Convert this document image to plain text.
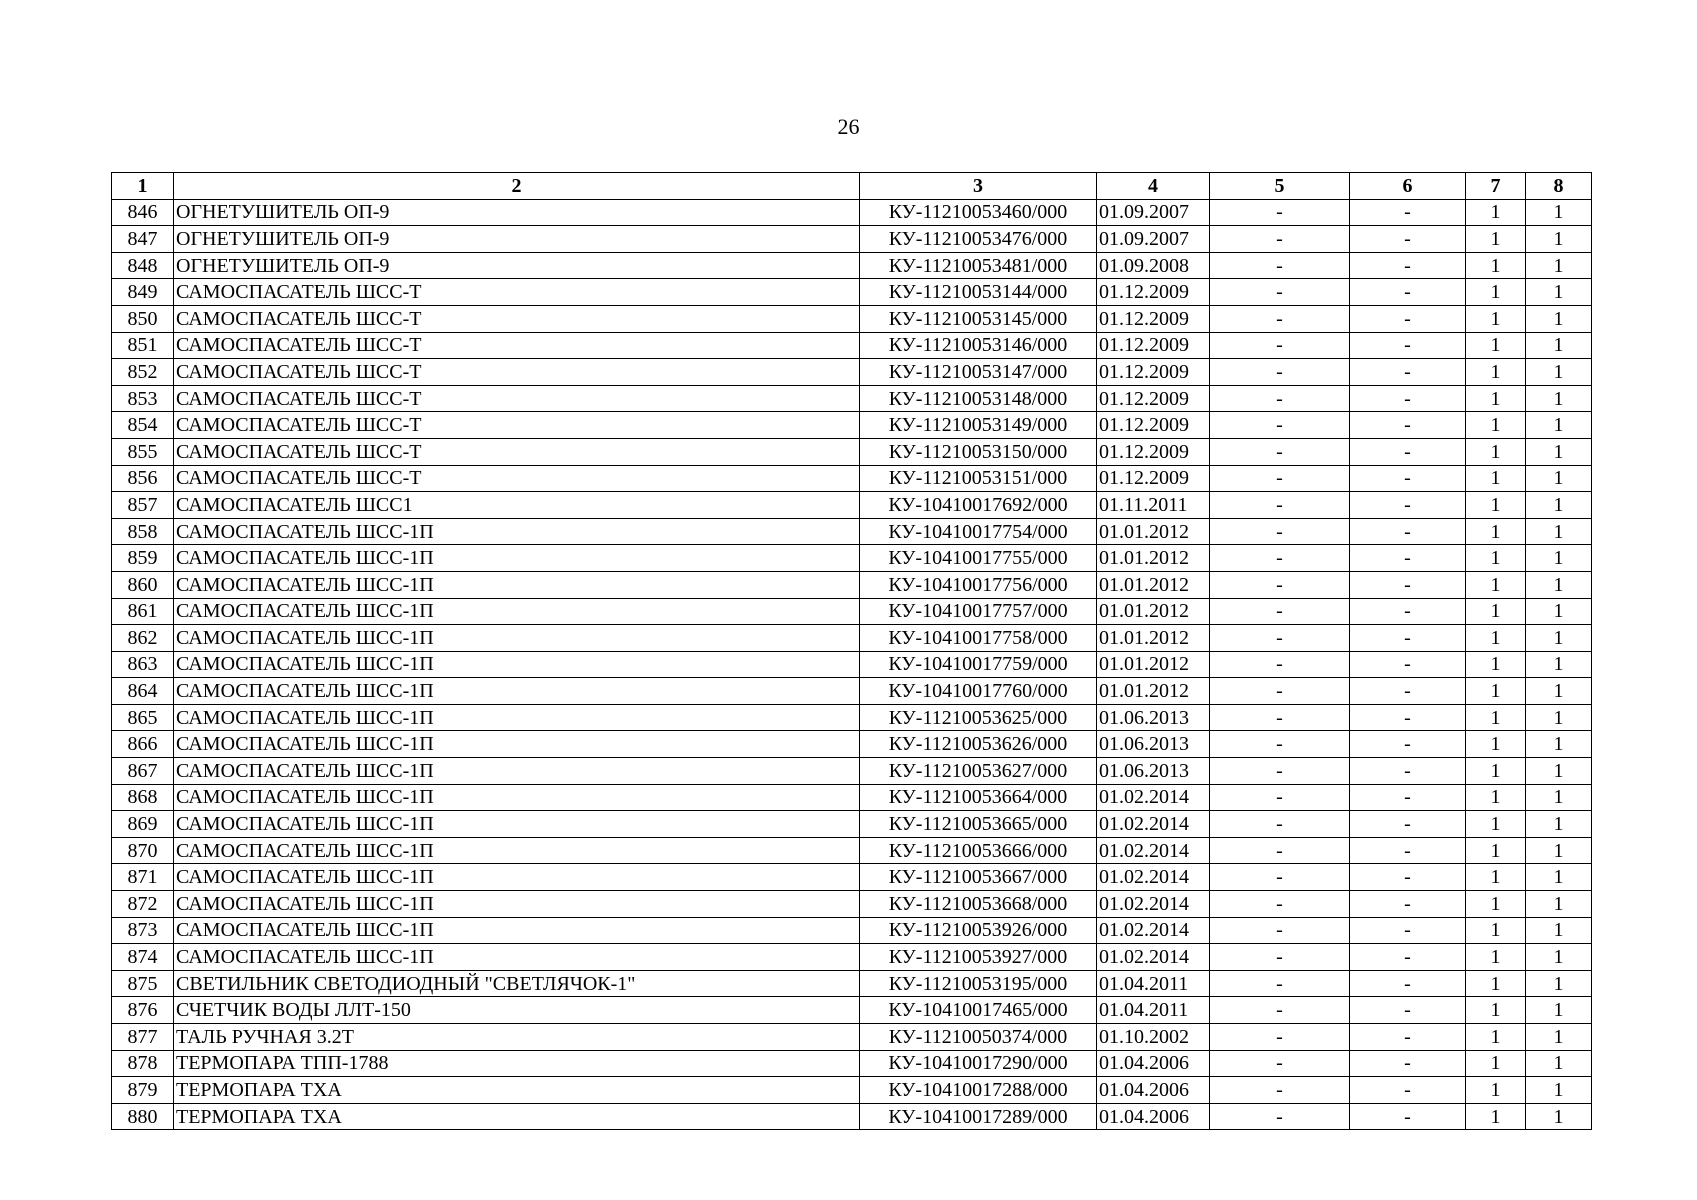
26
1	2	3	4	5	6	7	8
846	ОГНЕТУШИТЕЛЬ ОП-9	КУ-11210053460/000	01.09.2007	-	-	1	1
847	ОГНЕТУШИТЕЛЬ ОП-9	КУ-11210053476/000	01.09.2007	-	-	1	1
848	ОГНЕТУШИТЕЛЬ ОП-9	КУ-11210053481/000	01.09.2008	-	-	1	1
849	САМОСПАСАТЕЛЬ ШСС-Т	КУ-11210053144/000	01.12.2009	-	-	1	1
850	САМОСПАСАТЕЛЬ ШСС-Т	КУ-11210053145/000	01.12.2009	-	-	1	1
851	САМОСПАСАТЕЛЬ ШСС-Т	КУ-11210053146/000	01.12.2009	-	-	1	1
852	САМОСПАСАТЕЛЬ ШСС-Т	КУ-11210053147/000	01.12.2009	-	-	1	1
853	САМОСПАСАТЕЛЬ ШСС-Т	КУ-11210053148/000	01.12.2009	-	-	1	1
854	САМОСПАСАТЕЛЬ ШСС-Т	КУ-11210053149/000	01.12.2009	-	-	1	1
855	САМОСПАСАТЕЛЬ ШСС-Т	КУ-11210053150/000	01.12.2009	-	-	1	1
856	САМОСПАСАТЕЛЬ ШСС-Т	КУ-11210053151/000	01.12.2009	-	-	1	1
857	САМОСПАСАТЕЛЬ ШСС1	КУ-10410017692/000	01.11.2011	-	-	1	1
858	САМОСПАСАТЕЛЬ ШСС-1П	КУ-10410017754/000	01.01.2012	-	-	1	1
859	САМОСПАСАТЕЛЬ ШСС-1П	КУ-10410017755/000	01.01.2012	-	-	1	1
860	САМОСПАСАТЕЛЬ ШСС-1П	КУ-10410017756/000	01.01.2012	-	-	1	1
861	САМОСПАСАТЕЛЬ ШСС-1П	КУ-10410017757/000	01.01.2012	-	-	1	1
862	САМОСПАСАТЕЛЬ ШСС-1П	КУ-10410017758/000	01.01.2012	-	-	1	1
863	САМОСПАСАТЕЛЬ ШСС-1П	КУ-10410017759/000	01.01.2012	-	-	1	1
864	САМОСПАСАТЕЛЬ ШСС-1П	КУ-10410017760/000	01.01.2012	-	-	1	1
865	САМОСПАСАТЕЛЬ ШСС-1П	КУ-11210053625/000	01.06.2013	-	-	1	1
866	САМОСПАСАТЕЛЬ ШСС-1П	КУ-11210053626/000	01.06.2013	-	-	1	1
867	САМОСПАСАТЕЛЬ ШСС-1П	КУ-11210053627/000	01.06.2013	-	-	1	1
868	САМОСПАСАТЕЛЬ ШСС-1П	КУ-11210053664/000	01.02.2014	-	-	1	1
869	САМОСПАСАТЕЛЬ ШСС-1П	КУ-11210053665/000	01.02.2014	-	-	1	1
870	САМОСПАСАТЕЛЬ ШСС-1П	КУ-11210053666/000	01.02.2014	-	-	1	1
871	САМОСПАСАТЕЛЬ ШСС-1П	КУ-11210053667/000	01.02.2014	-	-	1	1
872	САМОСПАСАТЕЛЬ ШСС-1П	КУ-11210053668/000	01.02.2014	-	-	1	1
873	САМОСПАСАТЕЛЬ ШСС-1П	КУ-11210053926/000	01.02.2014	-	-	1	1
874	САМОСПАСАТЕЛЬ ШСС-1П	КУ-11210053927/000	01.02.2014	-	-	1	1
875	СВЕТИЛЬНИК СВЕТОДИОДНЫЙ "СВЕТЛЯЧОК-1"	КУ-11210053195/000	01.04.2011	-	-	1	1
876	СЧЕТЧИК ВОДЫ ЛЛТ-150	КУ-10410017465/000	01.04.2011	-	-	1	1
877	ТАЛЬ РУЧНАЯ 3.2Т	КУ-11210050374/000	01.10.2002	-	-	1	1
878	ТЕРМОПАРА ТПП-1788	КУ-10410017290/000	01.04.2006	-	-	1	1
879	ТЕРМОПАРА ТХА	КУ-10410017288/000	01.04.2006	-	-	1	1
880	ТЕРМОПАРА ТХА	КУ-10410017289/000	01.04.2006	-	-	1	1
